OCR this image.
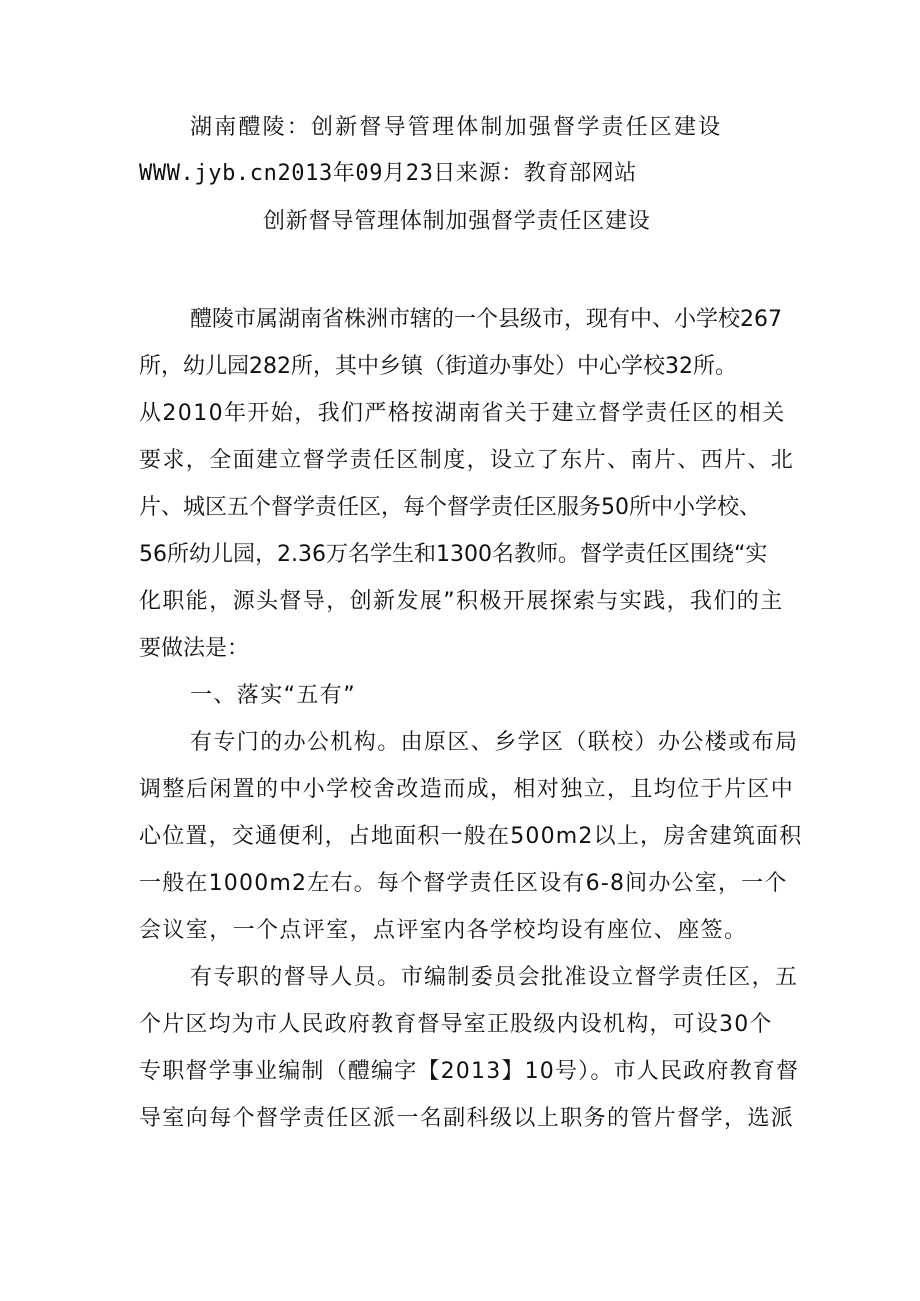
湖南醴陵：创新督导管理体制加强督学责任区建设
WWW.jyb.cn2013年09月23日来源：教育部网站
创新督导管理体制加强督学责任区建设
醴陵市属湖南省株洲市辖的一个县级市，现有中、小学校267
所，幼儿园282所，其中乡镇（街道办事处）中心学校32所。
从2010年开始，我们严格按湖南省关于建立督学责任区的相关
要求，全面建立督学责任区制度，设立了东片、南片、西片、北
片、城区五个督学责任区，每个督学责任区服务50所中小学校、
56所幼儿园，2.36万名学生和1300名教师。督学责任区围绕“实
化职能，源头督导，创新发展”积极开展探索与实践，我们的主
要做法是：
一、落实“五有”
有专门的办公机构。由原区、乡学区（联校）办公楼或布局
调整后闲置的中小学校舍改造而成，相对独立，且均位于片区中
心位置，交通便利，占地面积一般在500m2以上，房舍建筑面积
一般在1000m2左右。每个督学责任区设有6-8间办公室，一个
会议室，一个点评室，点评室内各学校均设有座位、座签。
有专职的督导人员。市编制委员会批准设立督学责任区，五
个片区均为市人民政府教育督导室正股级内设机构，可设30个
专职督学事业编制（醴编字【2013】10号）。市人民政府教育督
导室向每个督学责任区派一名副科级以上职务的管片督学，选派
